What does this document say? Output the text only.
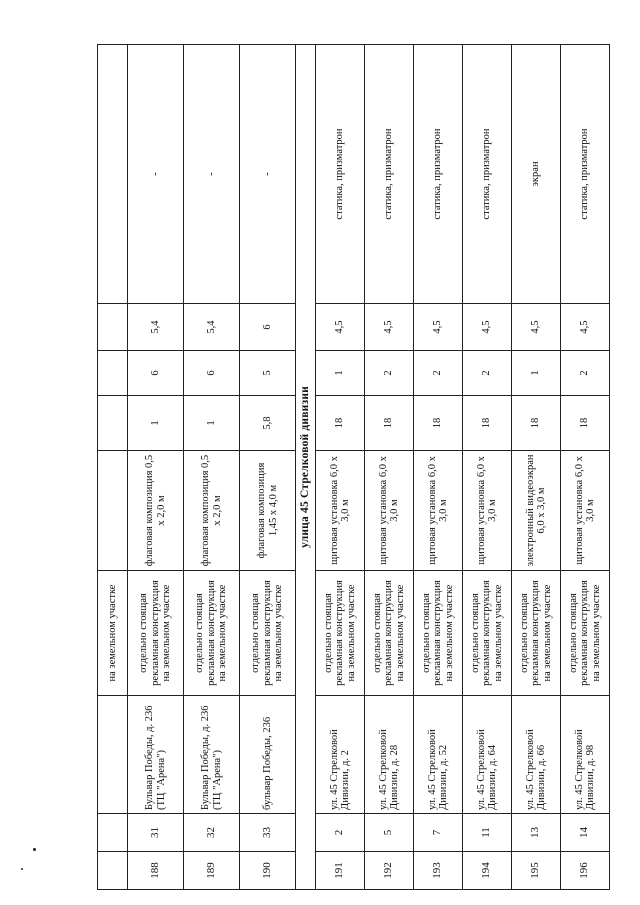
			на земельном участке					
188	31	Бульвар Победы, д. 236 (ТЦ "Арена")	отдельно стоящая рекламная конструкция на земельном участке	флаговая композиция 0,5 х 2,0 м	1	6	5,4	-
189	32	Бульвар Победы, д. 236 (ТЦ "Арена")	отдельно стоящая рекламная конструкция на земельном участке	флаговая композиция 0,5 х 2,0 м	1	6	5,4	-
190	33	бульвар Победы, 236	отдельно стоящая рекламная конструкция на земельном участке	флаговая композиция 1,45 х 4,0 м	5,8	5	6	-
улица 45 Стрелковой дивизии								
191	2	ул. 45 Стрелковой Дивизии, д. 2	отдельно стоящая рекламная конструкция на земельном участке	щитовая установка 6,0 х 3,0 м	18	1	4,5	статика, призматрон
192	5	ул. 45 Стрелковой Дивизии, д. 28	отдельно стоящая рекламная конструкция на земельном участке	щитовая установка 6,0 х 3,0 м	18	2	4,5	статика, призматрон
193	7	ул. 45 Стрелковой Дивизии, д. 52	отдельно стоящая рекламная конструкция на земельном участке	щитовая установка 6,0 х 3,0 м	18	2	4,5	статика, призматрон
194	11	ул. 45 Стрелковой Дивизии, д. 64	отдельно стоящая рекламная конструкция на земельном участке	щитовая установка 6,0 х 3,0 м	18	2	4,5	статика, призматрон
195	13	ул. 45 Стрелковой Дивизии, д. 66	отдельно стоящая рекламная конструкция на земельном участке	электронный видеоэкран 6,0 х 3,0 м	18	1	4,5	экран
196	14	ул. 45 Стрелковой Дивизии, д. 98	отдельно стоящая рекламная конструкция на земельном участке	щитовая установка 6,0 х 3,0 м	18	2	4,5	статика, призматрон
